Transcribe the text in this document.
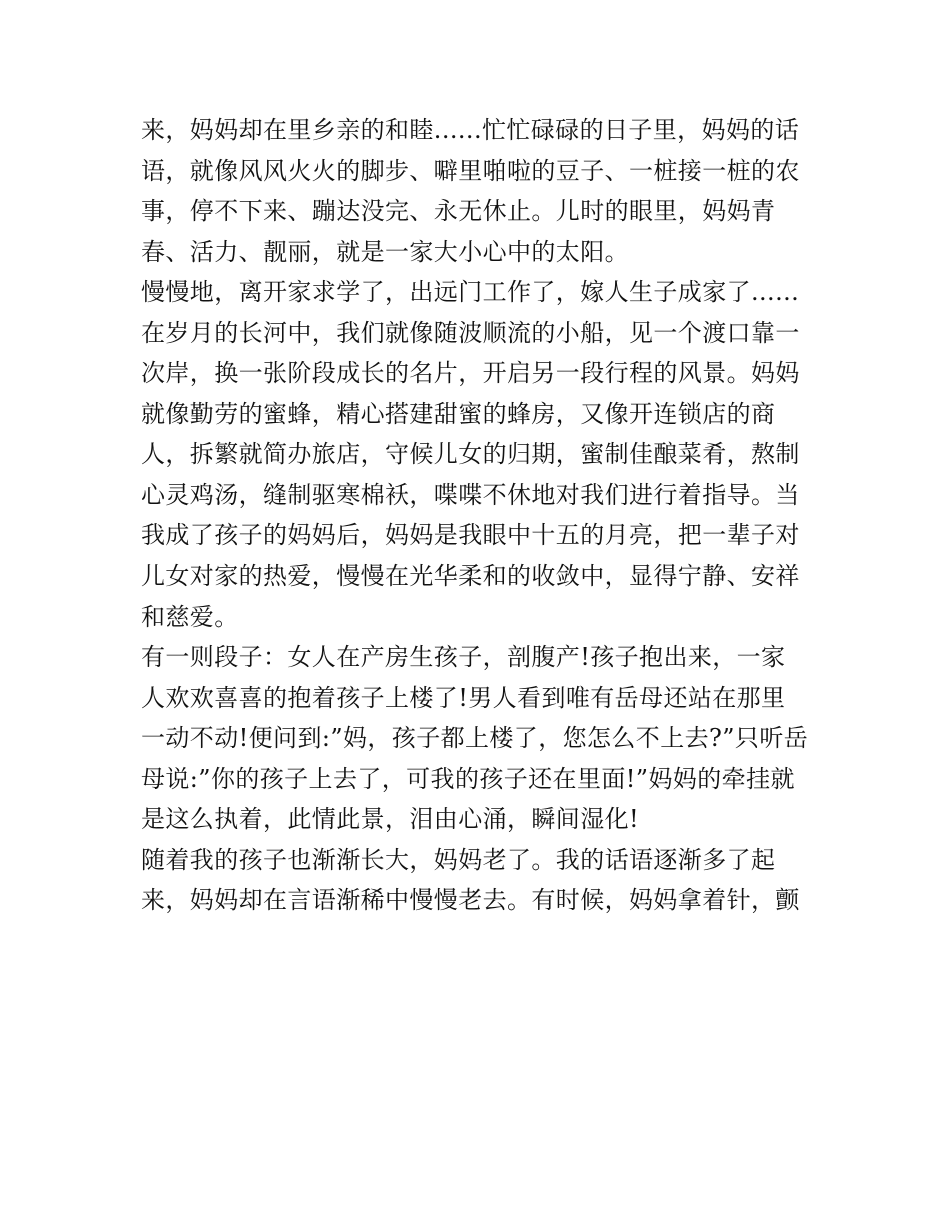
来，妈妈却在里乡亲的和睦......忙忙碌碌的日子里，妈妈的话
语，就像风风火火的脚步、噼里啪啦的豆子、一桩接一桩的农
事，停不下来、蹦达没完、永无休止。儿时的眼里，妈妈青
春、活力、靓丽，就是一家大小心中的太阳。
慢慢地，离开家求学了，出远门工作了，嫁人生子成家了......
在岁月的长河中，我们就像随波顺流的小船，见一个渡口靠一
次岸，换一张阶段成长的名片，开启另一段行程的风景。妈妈
就像勤劳的蜜蜂，精心搭建甜蜜的蜂房，又像开连锁店的商
人，拆繁就简办旅店，守候儿女的归期，蜜制佳酿菜肴，熬制
心灵鸡汤，缝制驱寒棉袄，喋喋不休地对我们进行着指导。当
我成了孩子的妈妈后，妈妈是我眼中十五的月亮，把一辈子对
儿女对家的热爱，慢慢在光华柔和的收敛中，显得宁静、安祥
和慈爱。
有一则段子：女人在产房生孩子，剖腹产!孩子抱出来，一家
人欢欢喜喜的抱着孩子上楼了!男人看到唯有岳母还站在那里
一动不动!便问到:”妈，孩子都上楼了，您怎么不上去?”只听岳
母说:”你的孩子上去了，可我的孩子还在里面!”妈妈的牵挂就
是这么执着，此情此景，泪由心涌，瞬间湿化!
随着我的孩子也渐渐长大，妈妈老了。我的话语逐渐多了起
来，妈妈却在言语渐稀中慢慢老去。有时候，妈妈拿着针，颤
